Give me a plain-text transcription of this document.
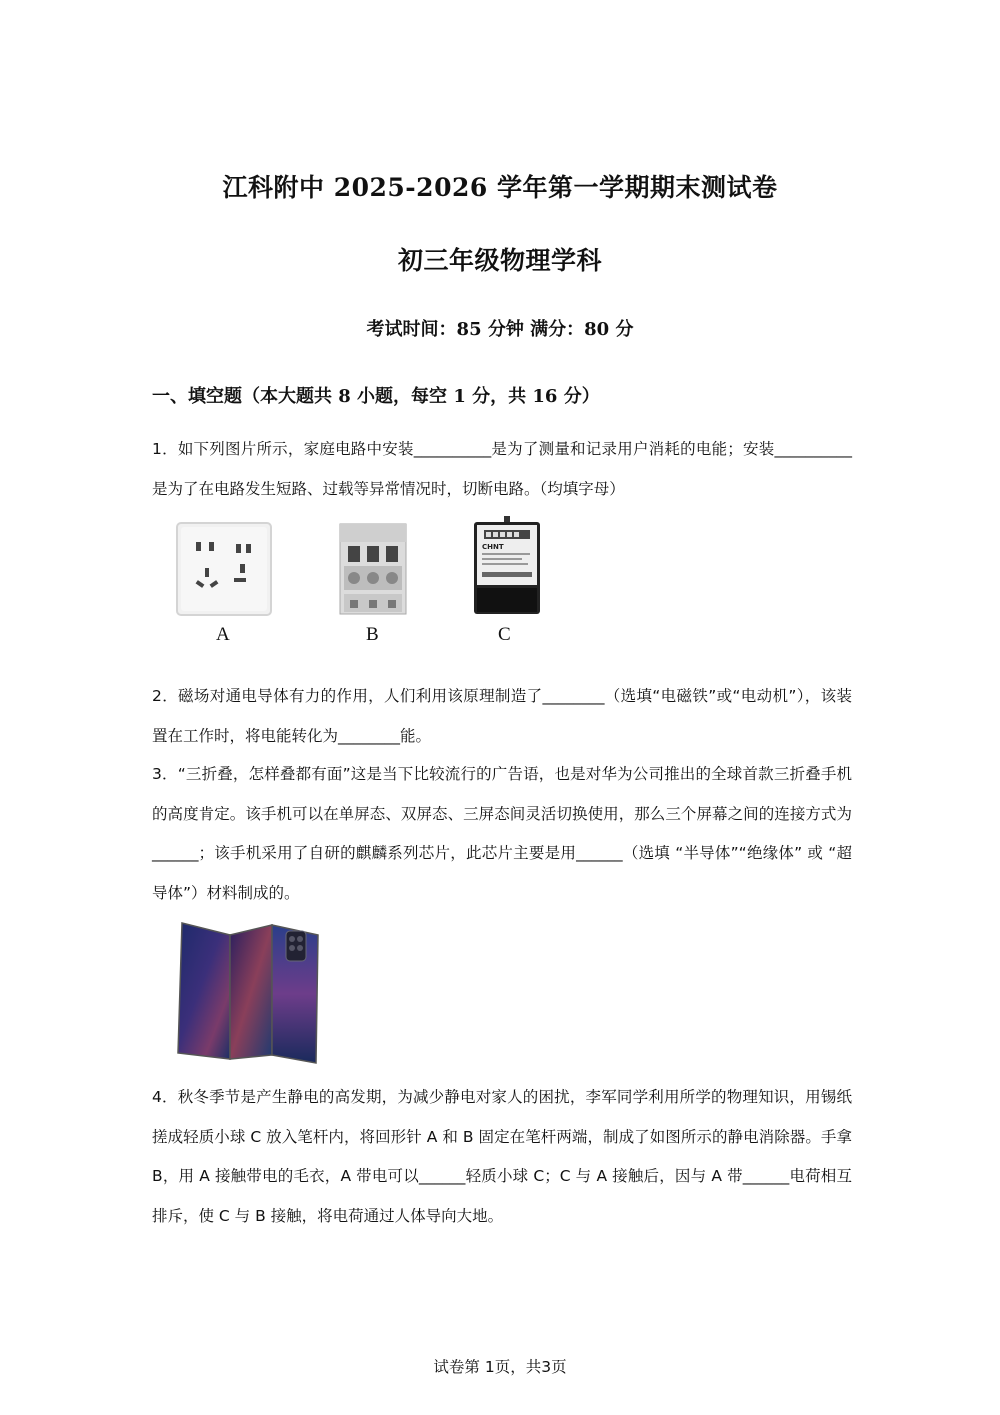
江科附中 2025-2026 学年第一学期期末测试卷
初三年级物理学科
考试时间：85 分钟 满分：80 分
一、填空题（本大题共 8 小题，每空 1 分，共 16 分）
1．如下列图片所示，家庭电路中安装__________是为了测量和记录用户消耗的电能；安装__________是为了在电路发生短路、过载等异常情况时，切断电路。（均填字母）
CHNT
A	B	C
2．磁场对通电导体有力的作用，人们利用该原理制造了________（选填“电磁铁”或“电动机”），该装置在工作时，将电能转化为________能。
3．“三折叠，怎样叠都有面”这是当下比较流行的广告语，也是对华为公司推出的全球首款三折叠手机的高度肯定。该手机可以在单屏态、双屏态、三屏态间灵活切换使用，那么三个屏幕之间的连接方式为______；该手机采用了自研的麒麟系列芯片，此芯片主要是用______（选填 “半导体”“绝缘体” 或 “超导体”）材料制成的。
4．秋冬季节是产生静电的高发期，为减少静电对家人的困扰，李军同学利用所学的物理知识，用锡纸搓成轻质小球 C 放入笔杆内，将回形针 A 和 B 固定在笔杆两端，制成了如图所示的静电消除器。手拿 B，用 A 接触带电的毛衣，A 带电可以______轻质小球 C；C 与 A 接触后，因与 A 带______电荷相互排斥，使 C 与 B 接触，将电荷通过人体导向大地。
试卷第 1页，共3页
